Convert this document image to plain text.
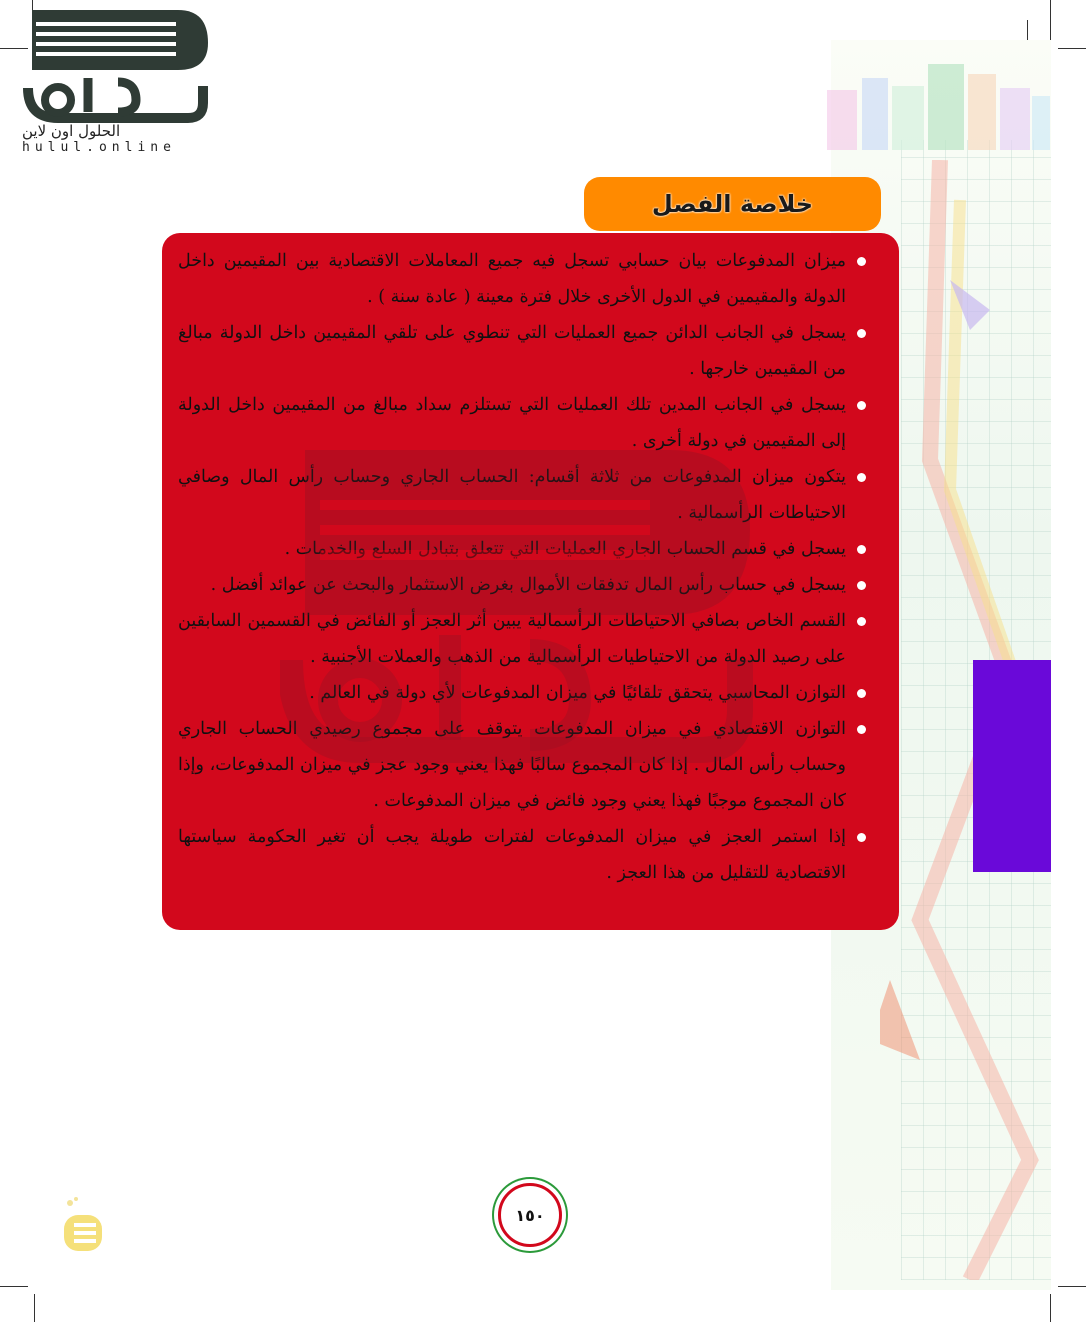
الحلول اون لاين
hulul.online
خلاصة الفصل
ميزان المدفوعات بيان حسابي تسجل فيه جميع المعاملات الاقتصادية بين المقيمين داخل الدولة والمقيمين في الدول الأخرى خلال فترة معينة ( عادة سنة ) .
يسجل في الجانب الدائن جميع العمليات التي تنطوي على تلقي المقيمين داخل الدولة مبالغ من المقيمين خارجها .
يسجل في الجانب المدين تلك العمليات التي تستلزم سداد مبالغ من المقيمين داخل الدولة إلى المقيمين في دولة أخرى .
يتكون ميزان المدفوعات من ثلاثة أقسام: الحساب الجاري وحساب رأس المال وصافي الاحتياطات الرأسمالية .
يسجل في قسم الحساب الجاري العمليات التي تتعلق بتبادل السلع والخدمات .
يسجل في حساب رأس المال تدفقات الأموال بغرض الاستثمار والبحث عن عوائد أفضل .
القسم الخاص بصافي الاحتياطات الرأسمالية يبين أثر العجز أو الفائض في القسمين السابقين على رصيد الدولة من الاحتياطيات الرأسمالية من الذهب والعملات الأجنبية .
التوازن المحاسبي يتحقق تلقائيًا في ميزان المدفوعات لأي دولة في العالم .
التوازن الاقتصادي في ميزان المدفوعات يتوقف على مجموع رصيدي الحساب الجاري وحساب رأس المال . إذا كان المجموع سالبًا فهذا يعني وجود عجز في ميزان المدفوعات، وإذا كان المجموع موجبًا فهذا يعني وجود فائض في ميزان المدفوعات .
إذا استمر العجز في ميزان المدفوعات لفترات طويلة يجب أن تغير الحكومة سياستها الاقتصادية للتقليل من هذا العجز .
١٥٠
